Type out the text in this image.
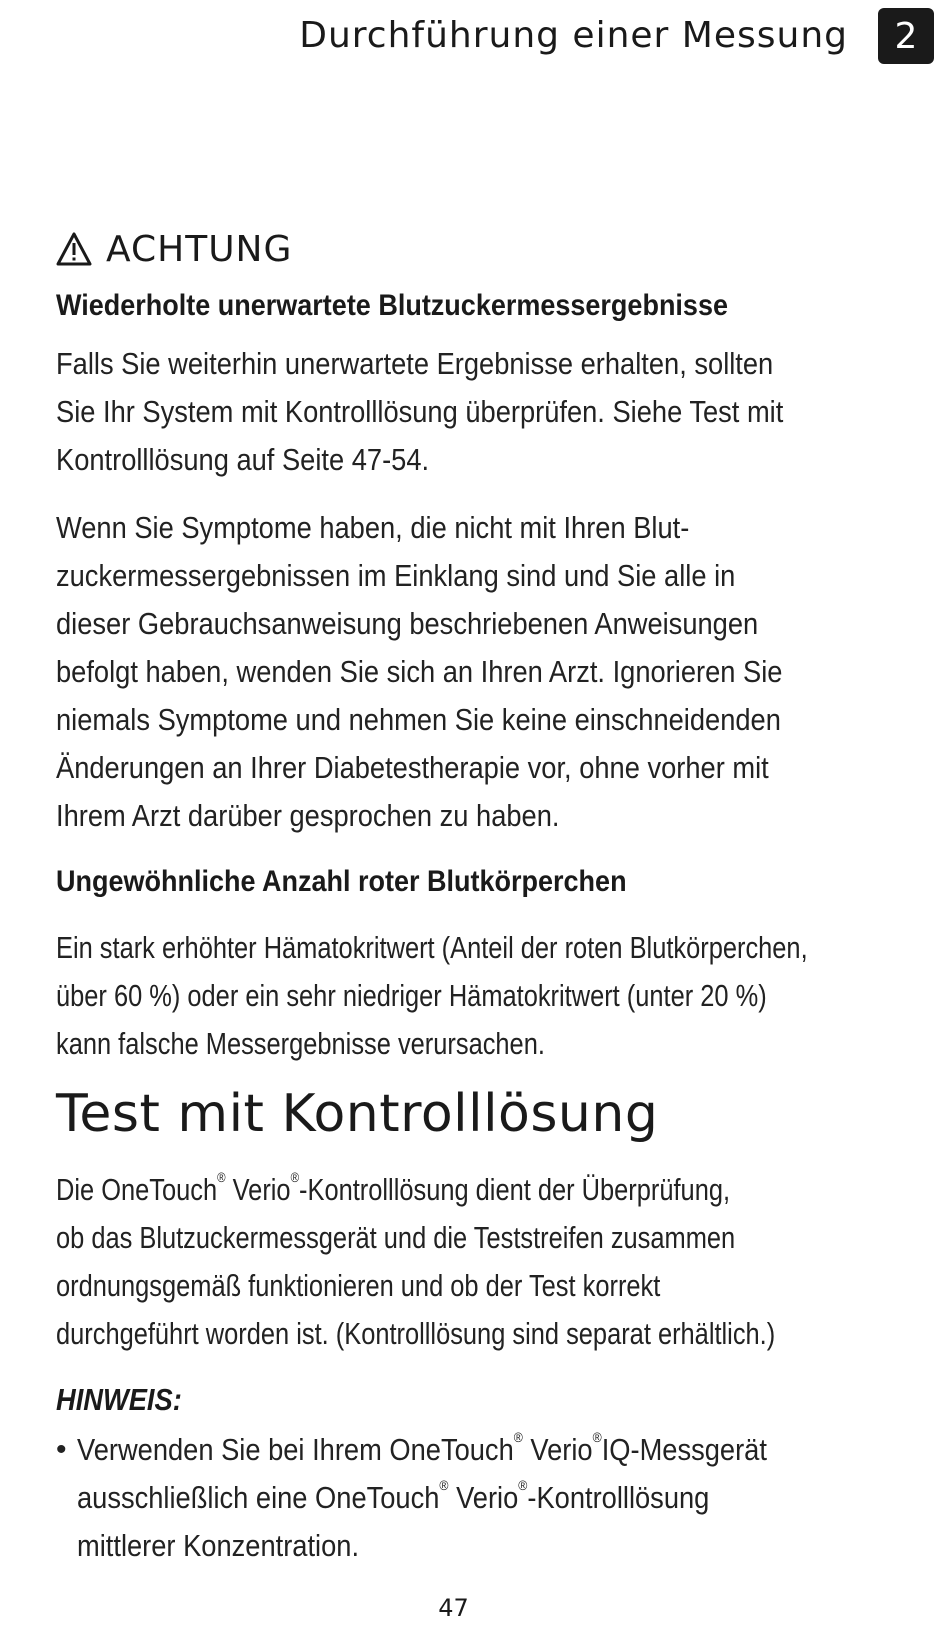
Durchführung einer Messung	2
ACHTUNG
Wiederholte unerwartete Blutzuckermessergebnisse
Falls Sie weiterhin unerwartete Ergebnisse erhalten, sollten
Sie Ihr System mit Kontrolllösung überprüfen. Siehe Test mit
Kontrolllösung auf Seite 47-54.
Wenn Sie Symptome haben, die nicht mit Ihren Blut-
zuckermessergebnissen im Einklang sind und Sie alle in
dieser Gebrauchsanweisung beschriebenen Anweisungen
befolgt haben, wenden Sie sich an Ihren Arzt. Ignorieren Sie
niemals Symptome und nehmen Sie keine einschneidenden
Änderungen an Ihrer Diabetestherapie vor, ohne vorher mit
Ihrem Arzt darüber gesprochen zu haben.
Ungewöhnliche Anzahl roter Blutkörperchen
Ein stark erhöhter Hämatokritwert (Anteil der roten Blutkörperchen,
über 60 %) oder ein sehr niedriger Hämatokritwert (unter 20 %)
kann falsche Messergebnisse verursachen.
Test mit Kontrolllösung
Die OneTouch® Verio®-Kontrolllösung dient der Überprüfung,
ob das Blutzuckermessgerät und die Teststreifen zusammen
ordnungsgemäß funktionieren und ob der Test korrekt
durchgeführt worden ist. (Kontrolllösung sind separat erhältlich.)
HINWEIS:
• Verwenden Sie bei Ihrem OneTouch® Verio®IQ-Messgerät
ausschließlich eine OneTouch® Verio®-Kontrolllösung
mittlerer Konzentration.
47
